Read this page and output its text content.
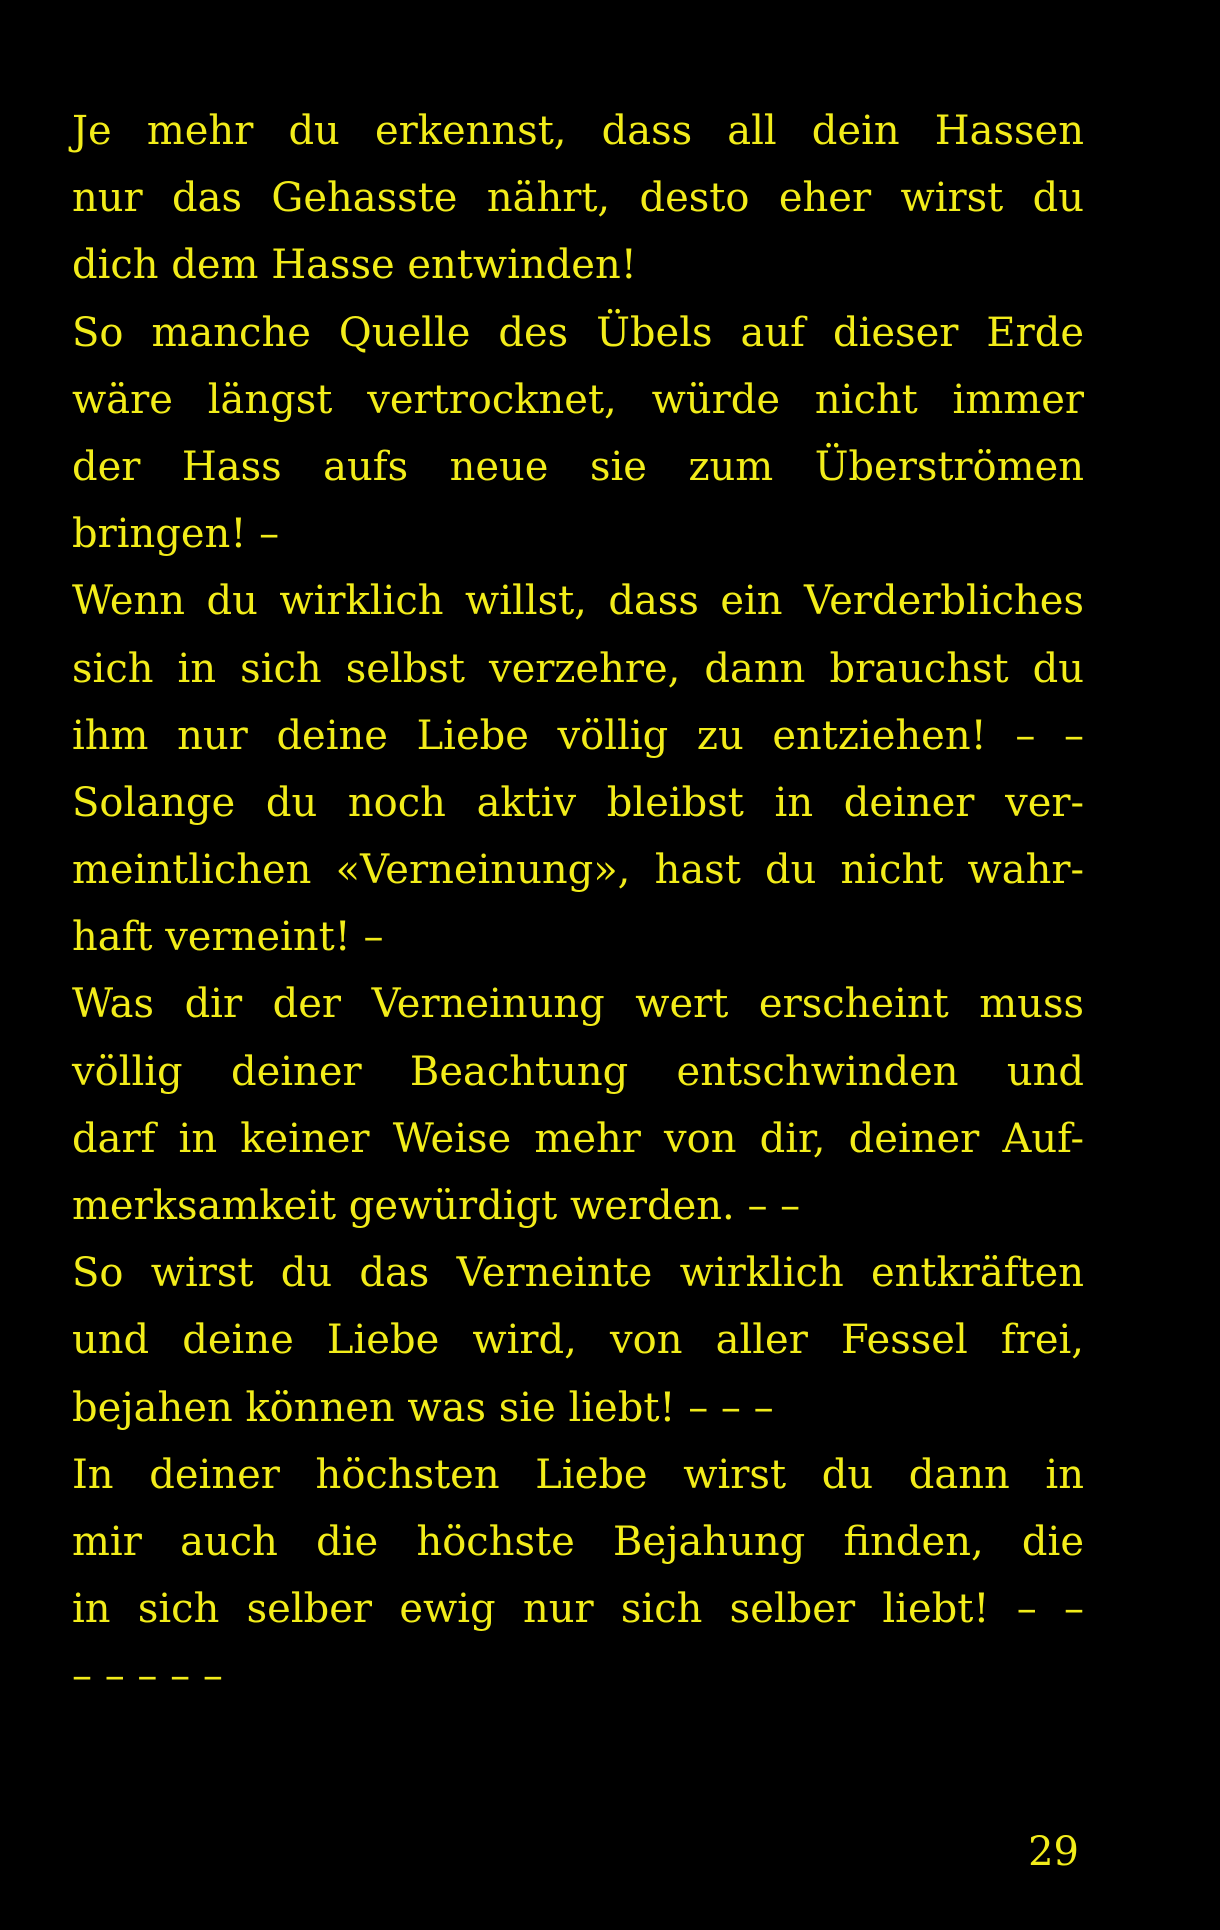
Je mehr du erkennst, dass all dein Hassen
nur das Gehasste nährt, desto eher wirst du
dich dem Hasse entwinden!
So manche Quelle des Übels auf dieser Erde
wäre längst vertrocknet, würde nicht immer
der Hass aufs neue sie zum Überströmen
bringen! –
Wenn du wirklich willst, dass ein Verderbliches
sich in sich selbst verzehre, dann brauchst du
ihm nur deine Liebe völlig zu entziehen! – –
Solange du noch aktiv bleibst in deiner ver-
meintlichen «Verneinung», hast du nicht wahr-
haft verneint! –
Was dir der Verneinung wert erscheint muss
völlig deiner Beachtung entschwinden und
darf in keiner Weise mehr von dir, deiner Auf-
merksamkeit gewürdigt werden. – –
So wirst du das Verneinte wirklich entkräften
und deine Liebe wird, von aller Fessel frei,
bejahen können was sie liebt! – – –
In deiner höchsten Liebe wirst du dann in
mir auch die höchste Bejahung finden, die
in sich selber ewig nur sich selber liebt! – –
– – – – –
29
